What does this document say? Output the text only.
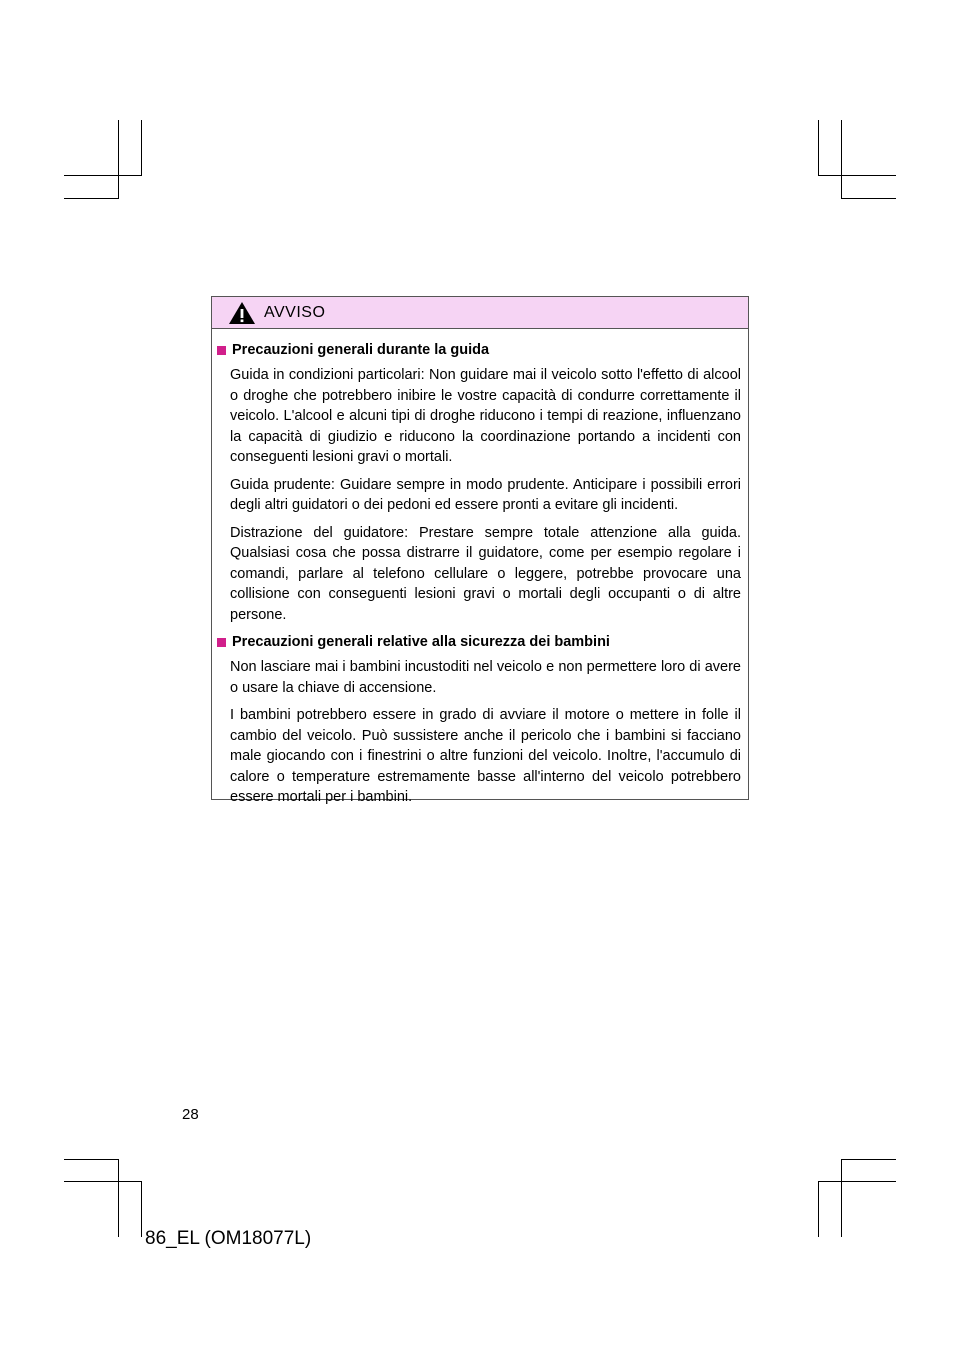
AVVISO
Precauzioni generali durante la guida

Guida in condizioni particolari: Non guidare mai il veicolo sotto l'effetto di alcool o droghe che potrebbero inibire le vostre capacità di condurre correttamente il veicolo. L'alcool e alcuni tipi di droghe riducono i tempi di reazione, influenzano la capacità di giudizio e riducono la coordinazione portando a incidenti con conseguenti lesioni gravi o mortali.

Guida prudente: Guidare sempre in modo prudente. Anticipare i possibili errori degli altri guidatori o dei pedoni ed essere pronti a evitare gli incidenti.

Distrazione del guidatore: Prestare sempre totale attenzione alla guida. Qualsiasi cosa che possa distrarre il guidatore, come per esempio regolare i comandi, parlare al telefono cellulare o leggere, potrebbe provocare una collisione con conseguenti lesioni gravi o mortali degli occupanti o di altre persone.

Precauzioni generali relative alla sicurezza dei bambini

Non lasciare mai i bambini incustoditi nel veicolo e non permettere loro di avere o usare la chiave di accensione.

I bambini potrebbero essere in grado di avviare il motore o mettere in folle il cambio del veicolo. Può sussistere anche il pericolo che i bambini si facciano male giocando con i finestrini o altre funzioni del veicolo. Inoltre, l'accumulo di calore o temperature estremamente basse all'interno del veicolo potrebbero essere mortali per i bambini.

28
86_EL (OM18077L)
